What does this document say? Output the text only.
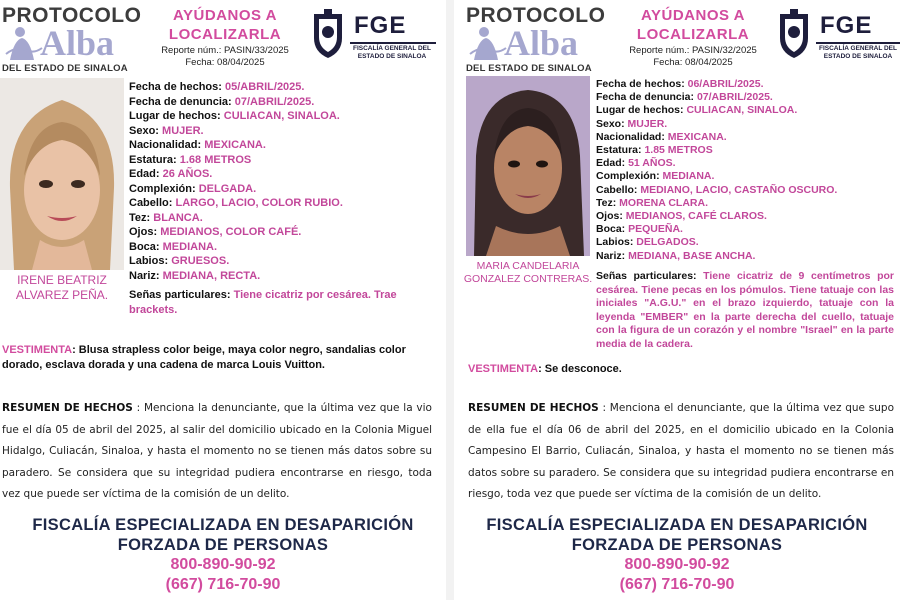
PROTOCOLO
Alba
DEL ESTADO DE SINALOA
AYÚDANOS A LOCALIZARLA
Reporte núm.: PASIN/33/2025
Fecha: 08/04/2025
FGE
FISCALÍA GENERAL DEL ESTADO DE SINALOA
IRENE BEATRIZ ALVAREZ PEÑA.
Fecha de hechos: 05/ABRIL/2025.
Fecha de denuncia: 07/ABRIL/2025.
Lugar de hechos: CULIACAN, SINALOA.
Sexo: MUJER.
Nacionalidad: MEXICANA.
Estatura: 1.68 METROS
Edad: 26 AÑOS.
Complexión: DELGADA.
Cabello: LARGO, LACIO, COLOR RUBIO.
Tez: BLANCA.
Ojos: MEDIANOS, COLOR CAFÉ.
Boca: MEDIANA.
Labios: GRUESOS.
Nariz: MEDIANA, RECTA.
Señas particulares: Tiene cicatriz por cesárea. Trae brackets.
VESTIMENTA: Blusa strapless color beige, maya color negro, sandalias color dorado, esclava dorada y una cadena de marca Louis Vuitton.
RESUMEN DE HECHOS : Menciona la denunciante, que la última vez que la vio fue el día 05 de abril del 2025, al salir del domicilio ubicado en la Colonia Miguel Hidalgo, Culiacán, Sinaloa, y hasta el momento no se tienen más datos sobre su paradero. Se considera que su integridad pudiera encontrarse en riesgo, toda vez que puede ser víctima de la comisión de un delito.
FISCALÍA ESPECIALIZADA EN DESAPARICIÓN
FORZADA DE PERSONAS
800-890-90-92
(667) 716-70-90
PROTOCOLO
Alba
DEL ESTADO DE SINALOA
AYÚDANOS A LOCALIZARLA
Reporte núm.: PASIN/32/2025
Fecha: 08/04/2025
FGE
FISCALÍA GENERAL DEL ESTADO DE SINALOA
MARIA CANDELARIA GONZALEZ CONTRERAS.
Fecha de hechos: 06/ABRIL/2025.
Fecha de denuncia: 07/ABRIL/2025.
Lugar de hechos: CULIACAN, SINALOA.
Sexo: MUJER.
Nacionalidad: MEXICANA.
Estatura: 1.85 METROS
Edad: 51 AÑOS.
Complexión: MEDIANA.
Cabello: MEDIANO, LACIO, CASTAÑO OSCURO.
Tez: MORENA CLARA.
Ojos: MEDIANOS, CAFÉ CLAROS.
Boca: PEQUEÑA.
Labios: DELGADOS.
Nariz: MEDIANA, BASE ANCHA.
Señas particulares: Tiene cicatriz de 9 centímetros por cesárea. Tiene pecas en los pómulos. Tiene tatuaje con las iniciales "A.G.U." en el brazo izquierdo, tatuaje con la leyenda "EMBER" en la parte derecha del cuello, tatuaje con la figura de un corazón y el nombre "Israel" en la parte media de la cadera.
VESTIMENTA: Se desconoce.
RESUMEN DE HECHOS : Menciona el denunciante, que la última vez que supo de ella fue el día 06 de abril del 2025, en el domicilio ubicado en la Colonia Campesino El Barrio, Culiacán, Sinaloa, y hasta el momento no se tienen más datos sobre su paradero. Se considera que su integridad pudiera encontrarse en riesgo, toda vez que puede ser víctima de la comisión de un delito.
FISCALÍA ESPECIALIZADA EN DESAPARICIÓN
FORZADA DE PERSONAS
800-890-90-92
(667) 716-70-90
